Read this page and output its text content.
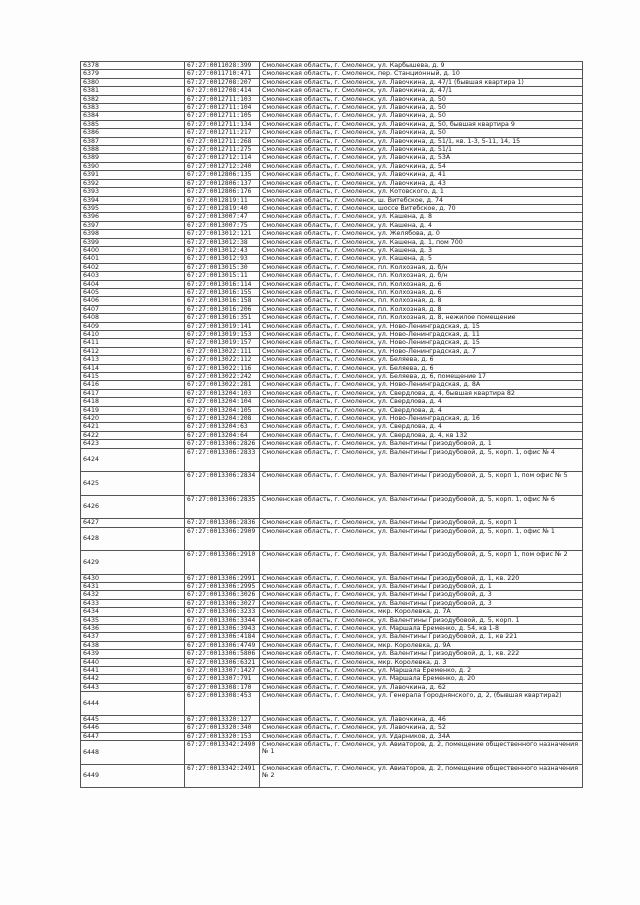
6378	67:27:0011028:399	Смоленская область, г. Смоленск, ул. Карбышева, д. 9
6379	67:27:0011710:471	Смоленская область, г. Смоленск, пер. Станционный, д. 10
6380	67:27:0012708:207	Смоленская область, г. Смоленск, ул. Лавочкина, д. 47/1 (бывшая квартира 1)
6381	67:27:0012708:414	Смоленская область, г. Смоленск, ул. Лавочкина, д. 47/1
6382	67:27:0012711:103	Смоленская область, г. Смоленск, ул. Лавочкина, д. 50
6383	67:27:0012711:104	Смоленская область, г. Смоленск, ул. Лавочкина, д. 50
6384	67:27:0012711:105	Смоленская область, г. Смоленск, ул. Лавочкина, д. 50
6385	67:27:0012711:134	Смоленская область, г. Смоленск, ул. Лавочкина, д. 50, бывшая квартира 9
6386	67:27:0012711:217	Смоленская область, г. Смоленск, ул. Лавочкина, д. 50
6387	67:27:0012711:268	Смоленская область, г. Смоленск, ул. Лавочкина, д. 51/1, кв. 1-3, 5-11, 14, 15
6388	67:27:0012711:275	Смоленская область, г. Смоленск, ул. Лавочкина, д. 51/1
6389	67:27:0012712:114	Смоленская область, г. Смоленск, ул. Лавочкина, д. 53А
6390	67:27:0012712:240	Смоленская область, г. Смоленск, ул. Лавочкина, д. 54
6391	67:27:0012806:135	Смоленская область, г. Смоленск, ул. Лавочкина, д. 41
6392	67:27:0012806:137	Смоленская область, г. Смоленск, ул. Лавочкина, д. 43
6393	67:27:0012806:176	Смоленская область, г. Смоленск, ул. Котовского, д. 1
6394	67:27:0012819:11	Смоленская область, г. Смоленск, ш. Витебское, д. 74
6395	67:27:0012819:40	Смоленская область, г. Смоленск, шоссе Витебское, д. 70
6396	67:27:0013007:47	Смоленская область, г. Смоленск, ул. Кашена, д. 8
6397	67:27:0013007:75	Смоленская область, г. Смоленск, ул. Кашена, д. 4
6398	67:27:0013012:121	Смоленская область, г. Смоленск, ул. Желябова, д. 0
6399	67:27:0013012:38	Смоленская область, г. Смоленск, ул. Кашена, д. 1, пом 700
6400	67:27:0013012:43	Смоленская область, г. Смоленск, ул. Кашена, д. 3
6401	67:27:0013012:93	Смоленская область, г. Смоленск, ул. Кашена, д. 5
6402	67:27:0013015:30	Смоленская область, г. Смоленск, пл. Колхозная, д. б/н
6403	67:27:0013015:11	Смоленская область, г. Смоленск, пл. Колхозная, д. б/н
6404	67:27:0013016:114	Смоленская область, г. Смоленск, пл. Колхозная, д. 6
6405	67:27:0013016:155	Смоленская область, г. Смоленск, пл. Колхозная, д. 6
6406	67:27:0013016:158	Смоленская область, г. Смоленск, пл. Колхозная, д. 8
6407	67:27:0013016:206	Смоленская область, г. Смоленск, пл. Колхозная, д. 8
6408	67:27:0013016:351	Смоленская область, г. Смоленск, пл. Колхозная, д. 8, нежилое помещение
6409	67:27:0013019:141	Смоленская область, г. Смоленск, ул. Ново-Ленинградская, д. 15
6410	67:27:0013019:153	Смоленская область, г. Смоленск, ул. Ново-Ленинградская, д. 11
6411	67:27:0013019:157	Смоленская область, г. Смоленск, ул. Ново-Ленинградская, д. 15
6412	67:27:0013022:111	Смоленская область, г. Смоленск, ул. Ново-Ленинградская, д. 7
6413	67:27:0013022:112	Смоленская область, г. Смоленск, ул. Беляева, д. 6
6414	67:27:0013022:116	Смоленская область, г. Смоленск, ул. Беляева, д. 6
6415	67:27:0013022:242	Смоленская область, г. Смоленск, ул. Беляева, д. 6, помещение 17
6416	67:27:0013022:281	Смоленская область, г. Смоленск, ул. Ново-Ленинградская, д. 8А
6417	67:27:0013204:103	Смоленская область, г. Смоленск, ул. Свердлова, д. 4, бывшая квартира 82
6418	67:27:0013204:104	Смоленская область, г. Смоленск, ул. Свердлова, д. 4
6419	67:27:0013204:105	Смоленская область, г. Смоленск, ул. Свердлова, д. 4
6420	67:27:0013204:208	Смоленская область, г. Смоленск, ул. Ново-Ленинградская, д. 16
6421	67:27:0013204:63	Смоленская область, г. Смоленск, ул. Свердлова, д. 4
6422	67:27:0013204:64	Смоленская область, г. Смоленск, ул. Свердлова, д. 4, кв 132
6423	67:27:0013306:2826	Смоленская область, г. Смоленск, ул. Валентины Гризодубовой, д. 1
6424	67:27:0013306:2833	Смоленская область, г. Смоленск, ул. Валентины Гризодубовой, д. 5, корп. 1, офис № 4
6425	67:27:0013306:2834	Смоленская область, г. Смоленск, ул. Валентины Гризодубовой, д. 5, корп 1, пом офис № 5
6426	67:27:0013306:2835	Смоленская область, г. Смоленск, ул. Валентины Гризодубовой, д. 5, корп. 1, офис № 6
6427	67:27:0013306:2836	Смоленская область, г. Смоленск, ул. Валентины Гризодубовой, д. 5, корп 1
6428	67:27:0013306:2909	Смоленская область, г. Смоленск, ул. Валентины Гризодубовой, д. 5, корп. 1, офис № 1
6429	67:27:0013306:2910	Смоленская область, г. Смоленск, ул. Валентины Гризодубовой, д. 5, корп 1, пом офис № 2
6430	67:27:0013306:2991	Смоленская область, г. Смоленск, ул. Валентины Гризодубовой, д. 1, кв. 220
6431	67:27:0013306:2995	Смоленская область, г. Смоленск, ул. Валентины Гризодубовой, д. 1
6432	67:27:0013306:3026	Смоленская область, г. Смоленск, ул. Валентины Гризодубовой, д. 3
6433	67:27:0013306:3027	Смоленская область, г. Смоленск, ул. Валентины Гризодубовой, д. 3
6434	67:27:0013306:3233	Смоленская область, г. Смоленск, мкр. Королевка, д. 7А
6435	67:27:0013306:3344	Смоленская область, г. Смоленск, ул. Валентины Гризодубовой, д. 5, корп. 1
6436	67:27:0013306:3943	Смоленская область, г. Смоленск, ул. Маршала Еременко, д. 54, кв 1-8
6437	67:27:0013306:4184	Смоленская область, г. Смоленск, ул. Валентины Гризодубовой, д. 1, кв 221
6438	67:27:0013306:4749	Смоленская область, г. Смоленск, мкр. Королевка, д. 9А
6439	67:27:0013306:5806	Смоленская область, г. Смоленск, ул. Валентины Гризодубовой, д. 1, кв. 222
6440	67:27:0013306:6321	Смоленская область, г. Смоленск, мкр. Королевка, д. 3
6441	67:27:0013307:1427	Смоленская область, г. Смоленск, ул. Маршала Еременко, д. 2
6442	67:27:0013307:791	Смоленская область, г. Смоленск, ул. Маршала Еременко, д. 20
6443	67:27:0013308:170	Смоленская область, г. Смоленск, ул. Лавочкина, д. 62
6444	67:27:0013308:453	Смоленская область, г. Смоленск, ул. Генерала Городнянского, д. 2, (бывшая квартира2)
6445	67:27:0013320:127	Смоленская область, г. Смоленск, ул. Лавочкина, д. 46
6446	67:27:0013320:340	Смоленская область, г. Смоленск, ул. Лавочкина, д. 52
6447	67:27:0013320:153	Смоленская область, г. Смоленск, ул. Ударников, д. 34А
6448	67:27:0013342:2490	Смоленская область, г. Смоленск, ул. Авиаторов, д. 2, помещение общественного назначения № 1
6449	67:27:0013342:2491	Смоленская область, г. Смоленск, ул. Авиаторов, д. 2, помещение общественного назначения № 2
